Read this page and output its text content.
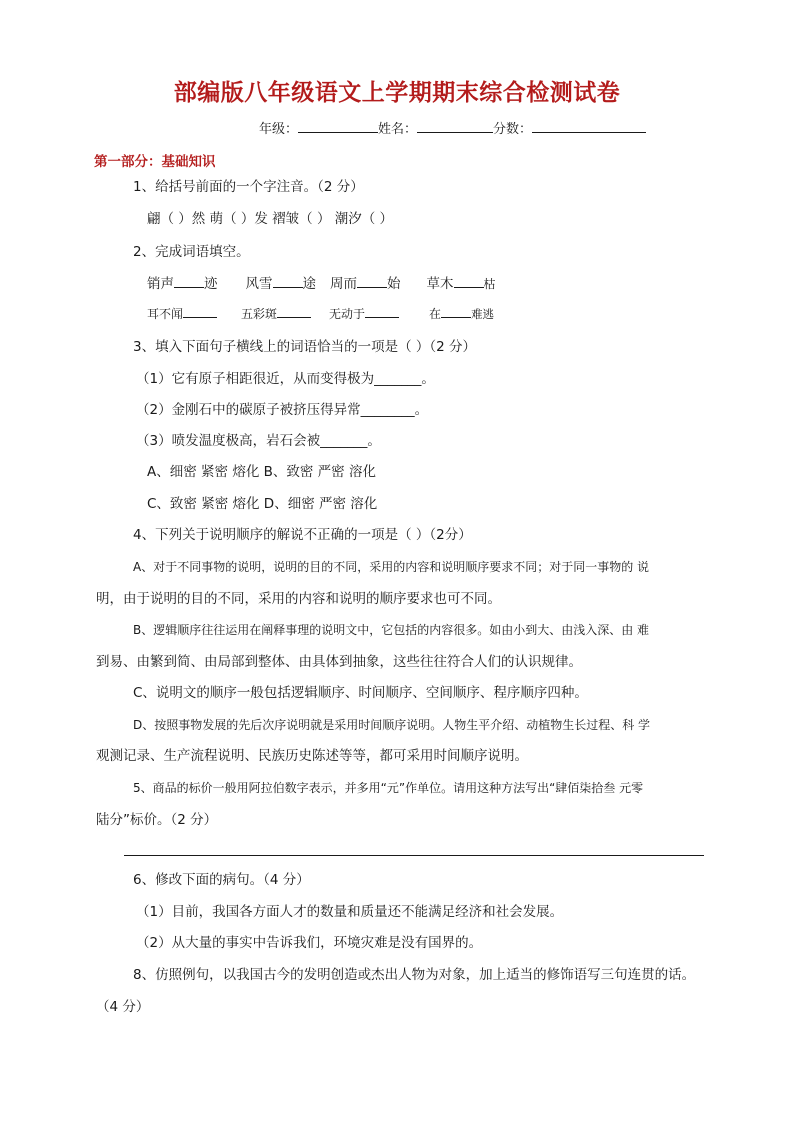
部编版八年级语文上学期期末综合检测试卷
年级：	姓名：	分数：
第一部分：基础知识
1、给括号前面的一个字注音。（2 分）
翩（ ）然 萌（ ）发 褶皱（ ） 潮汐（ ）
2、完成词语填空。
销声 迹 风雪 途 周而 始 草木	枯
耳不闻	五彩斑	无动于	在	难逃
3、填入下面句子横线上的词语恰当的一项是（ ）（2 分）
（1）它有原子相距很近，从而变得极为_______。
（2）金刚石中的碳原子被挤压得异常________。
（3）喷发温度极高，岩石会被_______。
A、细密 紧密 熔化 B、致密 严密 溶化
C、致密 紧密 熔化 D、细密 严密 溶化
4、下列关于说明顺序的解说不正确的一项是（ ）（2分）
A、对于不同事物的说明，说明的目的不同，采用的内容和说明顺序要求不同；对于同一事物的 说
明，由于说明的目的不同，采用的内容和说明的顺序要求也可不同。
B、逻辑顺序往往运用在阐释事理的说明文中，它包括的内容很多。如由小到大、由浅入深、由 难
到易、由繁到简、由局部到整体、由具体到抽象，这些往往符合人们的认识规律。
C、说明文的顺序一般包括逻辑顺序、时间顺序、空间顺序、程序顺序四种。
D、按照事物发展的先后次序说明就是采用时间顺序说明。人物生平介绍、动植物生长过程、科 学
观测记录、生产流程说明、民族历史陈述等等，都可采用时间顺序说明。
5、商品的标价一般用阿拉伯数字表示，并多用“元”作单位。请用这种方法写出“肆佰柒拾叁 元零
陆分”标价。（2 分）
6、修改下面的病句。（4 分）
（1）目前，我国各方面人才的数量和质量还不能满足经济和社会发展。
（2）从大量的事实中告诉我们，环境灾难是没有国界的。
8、仿照例句，以我国古今的发明创造或杰出人物为对象，加上适当的修饰语写三句连贯的话。
（4 分）
